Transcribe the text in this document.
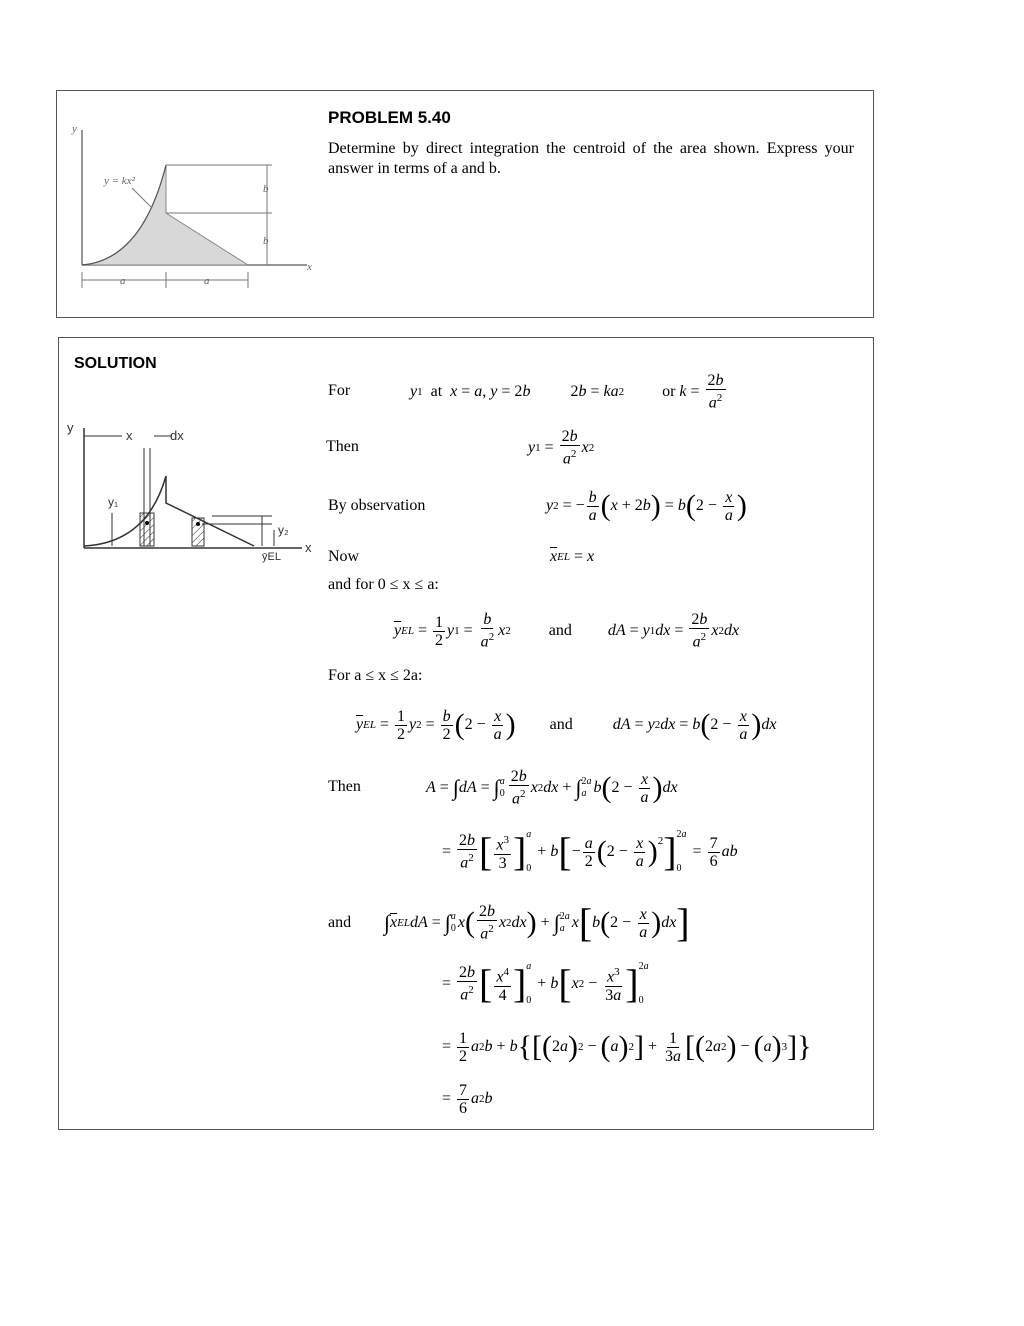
y
x
y = kx²
b
b
a	a
PROBLEM 5.40
Determine by direct integration the centroid of the area shown. Express your answer in terms of a and b.
SOLUTION
y
x	dx
y₁
y₂
ȳEL
x
For	y 1 at x = a , y = 2 b	2 b = ka 2 or
$k = \frac{2b}{a^2}$
Then	y $1 = \frac{2b}{a^2}$ x 2
By observation	y 2 = − $\frac{b}{a}$ ( x + 2 b ) = b ( $2 - \frac{x}{a}$ )
Now	$\overline{x}$ EL = x
and for 0 ≤ x ≤ a:
$\overline{y}$ EL = $\frac{1}{2}$ y $1 = \frac{b}{a^2}$ x 2 and dA = y 1 dx = $\frac{2b}{a^2}$ x 2 dx
For a ≤ x ≤ 2a:
$\overline{y}$ EL = $\frac{1}{2}$ y $2 = \frac{b}{2}$ ( $2 - \frac{x}{a}$ ) and	dA = y 2 dx = b ( $2 - \frac{x}{a}$ ) dx
Then	A = ∫ dA = ∫ a
$0 \frac{2b}{a^2}$ x 2 dx + ∫ 2a
a b ( $2 - \frac{x}{a}$ ) dx
= $\frac{2b}{a^2}$ [ $\frac{x^3}{3}$ ] a
0
+ b [ − $\frac{a}{2}$ ( $2 - \frac{x}{a} )^2$ ] 2a
0
= $\frac{7}{6}$ ab
and ∫ $\overline{x}$ EL dA = ∫ a
0 x ( $\frac{2b}{a^2}$ x 2 dx ) + ∫ 2a
a x [ b ( $2 - \frac{x}{a}$ ) dx ]
= $\frac{2b}{a^2}$ [ $\frac{x^4}{4}$ ] a
0
+ b [ x $2 - \frac{x^3}{3a}$ ] 2a
0
= $\frac{1}{2}$ a 2 b + b { [ ( 2 a ) 2 − ( a ) 2 ] + $\frac{1}{3a}$ [ ( 2 a 2 ) − ( a ) 3 ] }
= $\frac{7}{6}$ a 2 b
